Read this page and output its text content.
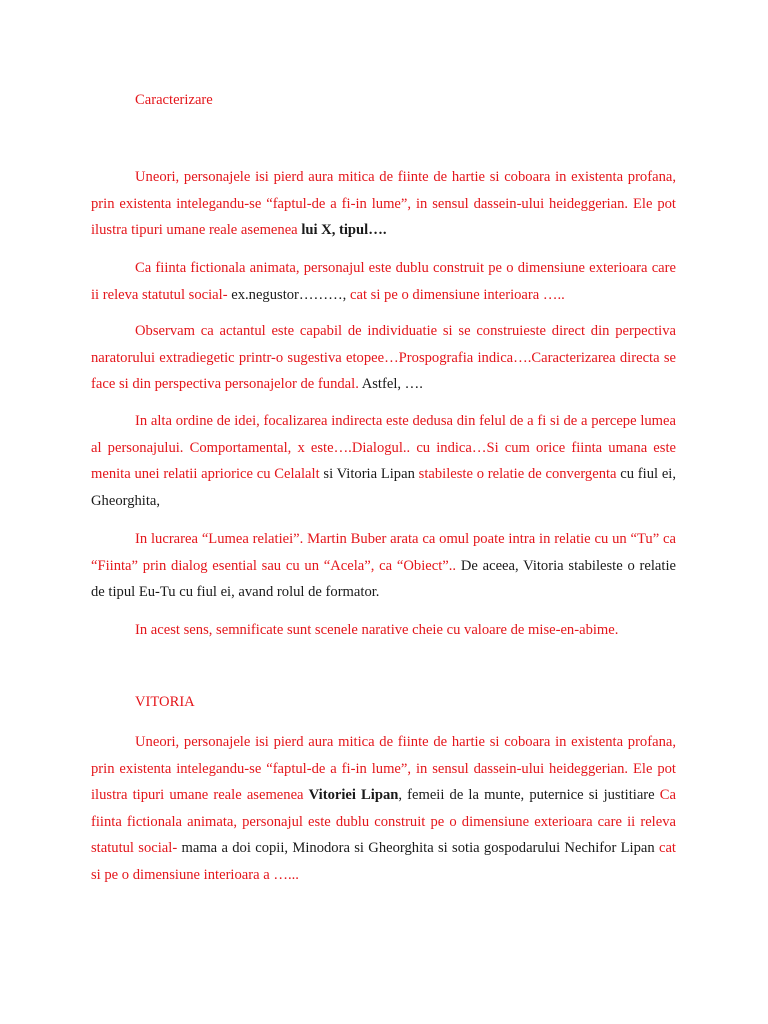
Caracterizare

Uneori, personajele isi pierd aura mitica de fiinte de hartie si coboara in existenta profana, prin existenta intelegandu-se “faptul-de a fi-in lume”, in sensul dassein-ului heideggerian. Ele pot ilustra tipuri umane reale asemenea lui X, tipul….

Ca fiinta fictionala animata, personajul este dublu construit pe o dimensiune exterioara care ii releva statutul social- ex.negustor………, cat si pe o dimensiune interioara …..

Observam ca actantul este capabil de individuatie si se construieste direct din perpectiva naratorului extradiegetic printr-o sugestiva etopee…Prospografia indica….Caracterizarea directa se face si din perspectiva personajelor de fundal. Astfel, ….

In alta ordine de idei, focalizarea indirecta este dedusa din felul de a fi si de a percepe lumea al personajului. Comportamental, x este….Dialogul.. cu indica…Si cum orice fiinta umana este menita unei relatii apriorice cu Celalalt si Vitoria Lipan stabileste o relatie de convergenta cu fiul ei, Gheorghita,

In lucrarea “Lumea relatiei”. Martin Buber arata ca omul poate intra in relatie cu un “Tu” ca “Fiinta” prin dialog esential sau cu un “Acela”, ca “Obiect”.. De aceea, Vitoria stabileste o relatie de tipul Eu-Tu cu fiul ei, avand rolul de formator.

In acest sens, semnificate sunt scenele narative cheie cu valoare de mise-en-abime.

VITORIA

Uneori, personajele isi pierd aura mitica de fiinte de hartie si coboara in existenta profana, prin existenta intelegandu-se “faptul-de a fi-in lume”, in sensul dassein-ului heideggerian. Ele pot ilustra tipuri umane reale asemenea Vitoriei Lipan, femeii de la munte, puternice si justitiare Ca fiinta fictionala animata, personajul este dublu construit pe o dimensiune exterioara care ii releva statutul social- mama a doi copii, Minodora si Gheorghita si sotia gospodarului Nechifor Lipan cat si pe o dimensiune interioara a …...
